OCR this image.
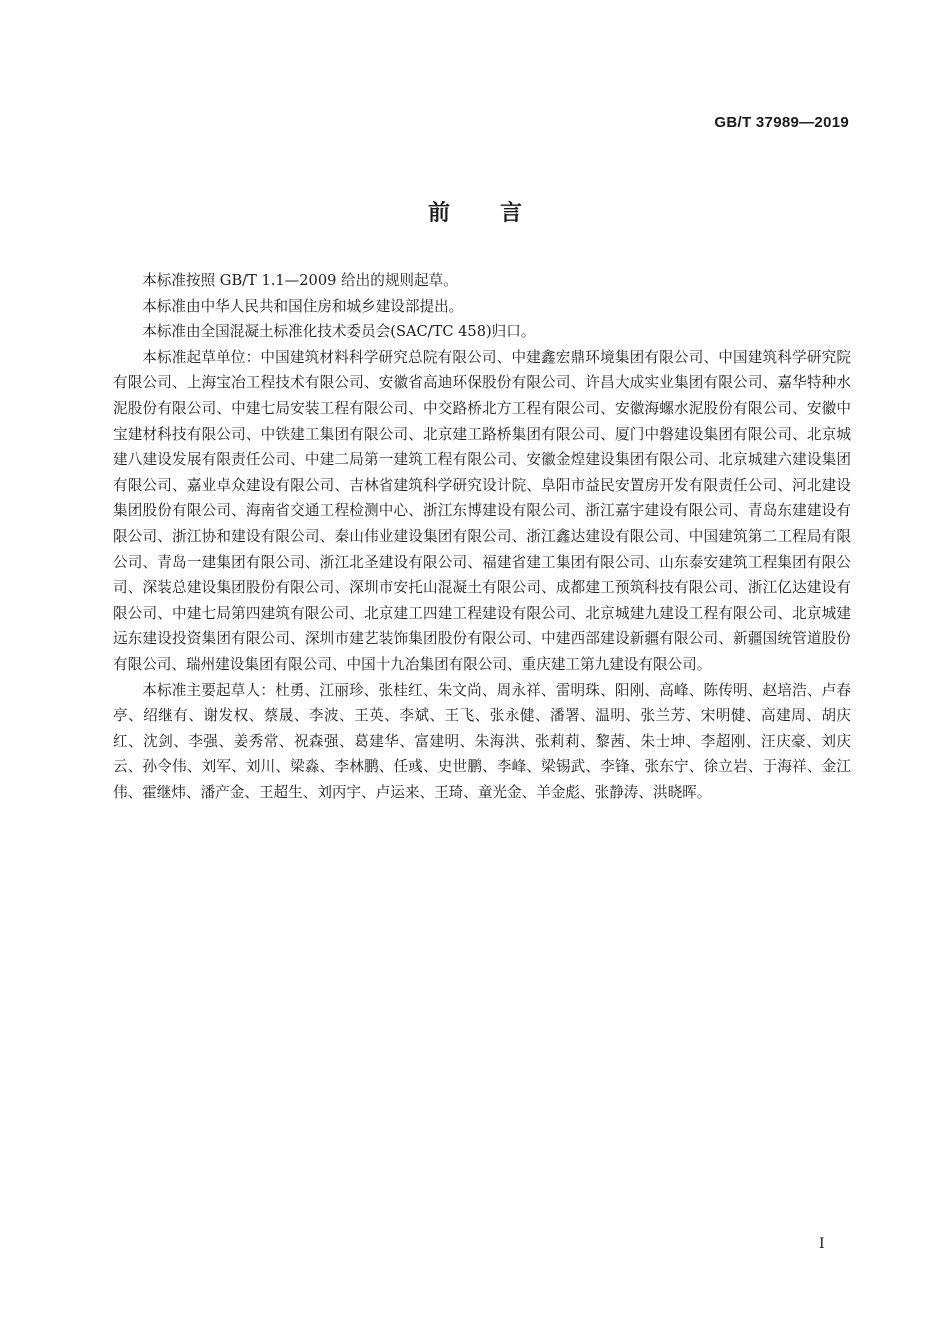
GB/T 37989—2019
前言

本标准按照 GB/T 1.1—2009 给出的规则起草。

本标准由中华人民共和国住房和城乡建设部提出。

本标准由全国混凝土标准化技术委员会(SAC/TC 458)归口。

本标准起草单位：中国建筑材料科学研究总院有限公司、中建鑫宏鼎环境集团有限公司、中国建筑科学研究院有限公司、上海宝冶工程技术有限公司、安徽省高迪环保股份有限公司、许昌大成实业集团有限公司、嘉华特种水泥股份有限公司、中建七局安装工程有限公司、中交路桥北方工程有限公司、安徽海螺水泥股份有限公司、安徽中宝建材科技有限公司、中铁建工集团有限公司、北京建工路桥集团有限公司、厦门中磐建设集团有限公司、北京城建八建设发展有限责任公司、中建二局第一建筑工程有限公司、安徽金煌建设集团有限公司、北京城建六建设集团有限公司、嘉业卓众建设有限公司、吉林省建筑科学研究设计院、阜阳市益民安置房开发有限责任公司、河北建设集团股份有限公司、海南省交通工程检测中心、浙江东博建设有限公司、浙江嘉宇建设有限公司、青岛东建建设有限公司、浙江协和建设有限公司、秦山伟业建设集团有限公司、浙江鑫达建设有限公司、中国建筑第二工程局有限公司、青岛一建集团有限公司、浙江北圣建设有限公司、福建省建工集团有限公司、山东泰安建筑工程集团有限公司、深装总建设集团股份有限公司、深圳市安托山混凝土有限公司、成都建工预筑科技有限公司、浙江亿达建设有限公司、中建七局第四建筑有限公司、北京建工四建工程建设有限公司、北京城建九建设工程有限公司、北京城建远东建设投资集团有限公司、深圳市建艺装饰集团股份有限公司、中建西部建设新疆有限公司、新疆国统管道股份有限公司、瑞州建设集团有限公司、中国十九冶集团有限公司、重庆建工第九建设有限公司。

本标准主要起草人：杜勇、江丽珍、张桂红、朱文尚、周永祥、雷明珠、阳刚、高峰、陈传明、赵培浩、卢春亭、绍继有、谢发权、蔡晟、李波、王英、李斌、王飞、张永健、潘署、温明、张兰芳、宋明健、高建周、胡庆红、沈剑、李强、姜秀常、祝森强、葛建华、富建明、朱海洪、张莉莉、黎茜、朱士坤、李超刚、汪庆豪、刘庆云、孙令伟、刘军、刘川、梁淼、李林鹏、任彧、史世鹏、李峰、梁锡武、李锋、张东宁、徐立岩、于海祥、金江伟、霍继炜、潘产金、王超生、刘丙宇、卢运来、王琦、童光金、羊金彪、张静涛、洪晓晖。

I
